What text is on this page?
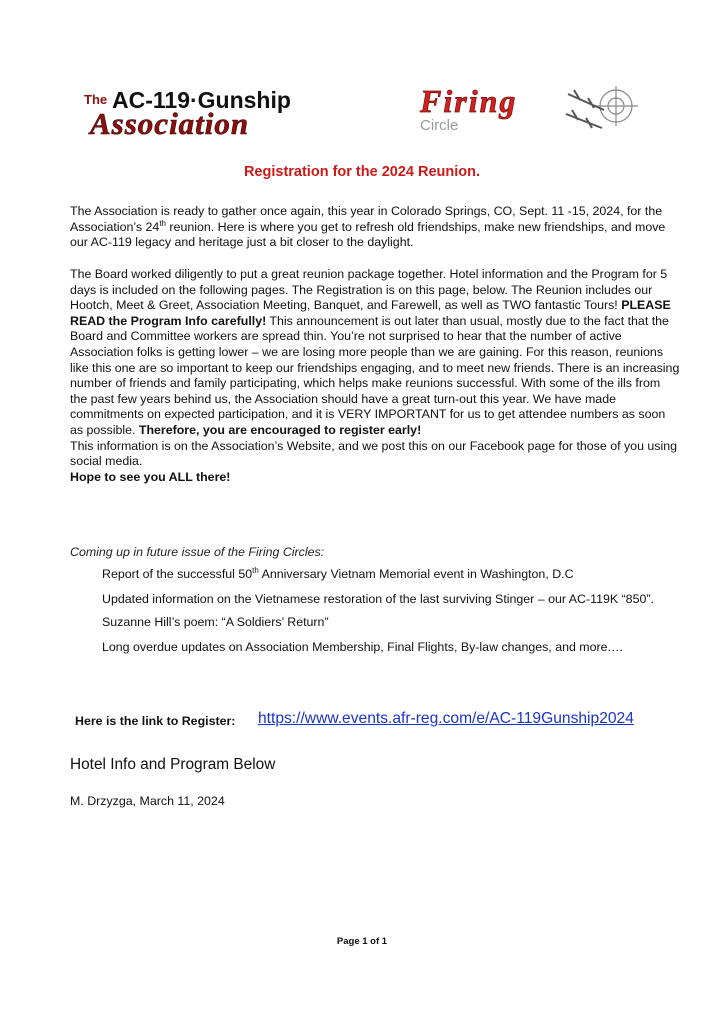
The AC-119·Gunship
Association
Firing
Circle
Registration for the 2024 Reunion.
The Association is ready to gather once again, this year in Colorado Springs, CO, Sept. 11 -15, 2024, for the Association’s 24th reunion. Here is where you get to refresh old friendships, make new friendships, and move our AC-119 legacy and heritage just a bit closer to the daylight.
The Board worked diligently to put a great reunion package together. Hotel information and the Program for 5 days is included on the following pages. The Registration is on this page, below. The Reunion includes our Hootch, Meet & Greet, Association Meeting, Banquet, and Farewell, as well as TWO fantastic Tours! PLEASE READ the Program Info carefully! This announcement is out later than usual, mostly due to the fact that the Board and Committee workers are spread thin. You’re not surprised to hear that the number of active Association folks is getting lower – we are losing more people than we are gaining. For this reason, reunions like this one are so important to keep our friendships engaging, and to meet new friends. There is an increasing number of friends and family participating, which helps make reunions successful. With some of the ills from the past few years behind us, the Association should have a great turn-out this year. We have made commitments on expected participation, and it is VERY IMPORTANT for us to get attendee numbers as soon as possible. Therefore, you are encouraged to register early!
This information is on the Association’s Website, and we post this on our Facebook page for those of you using social media.
Hope to see you ALL there!
Coming up in future issue of the Firing Circles:
Report of the successful 50th Anniversary Vietnam Memorial event in Washington, D.C
Updated information on the Vietnamese restoration of the last surviving Stinger – our AC-119K “850”.
Suzanne Hill’s poem: “A Soldiers’ Return”
Long overdue updates on Association Membership, Final Flights, By-law changes, and more.…
Here is the link to Register: https://www.events.afr-reg.com/e/AC-119Gunship2024
Hotel Info and Program Below
M. Drzyzga, March 11, 2024
Page 1 of 1
